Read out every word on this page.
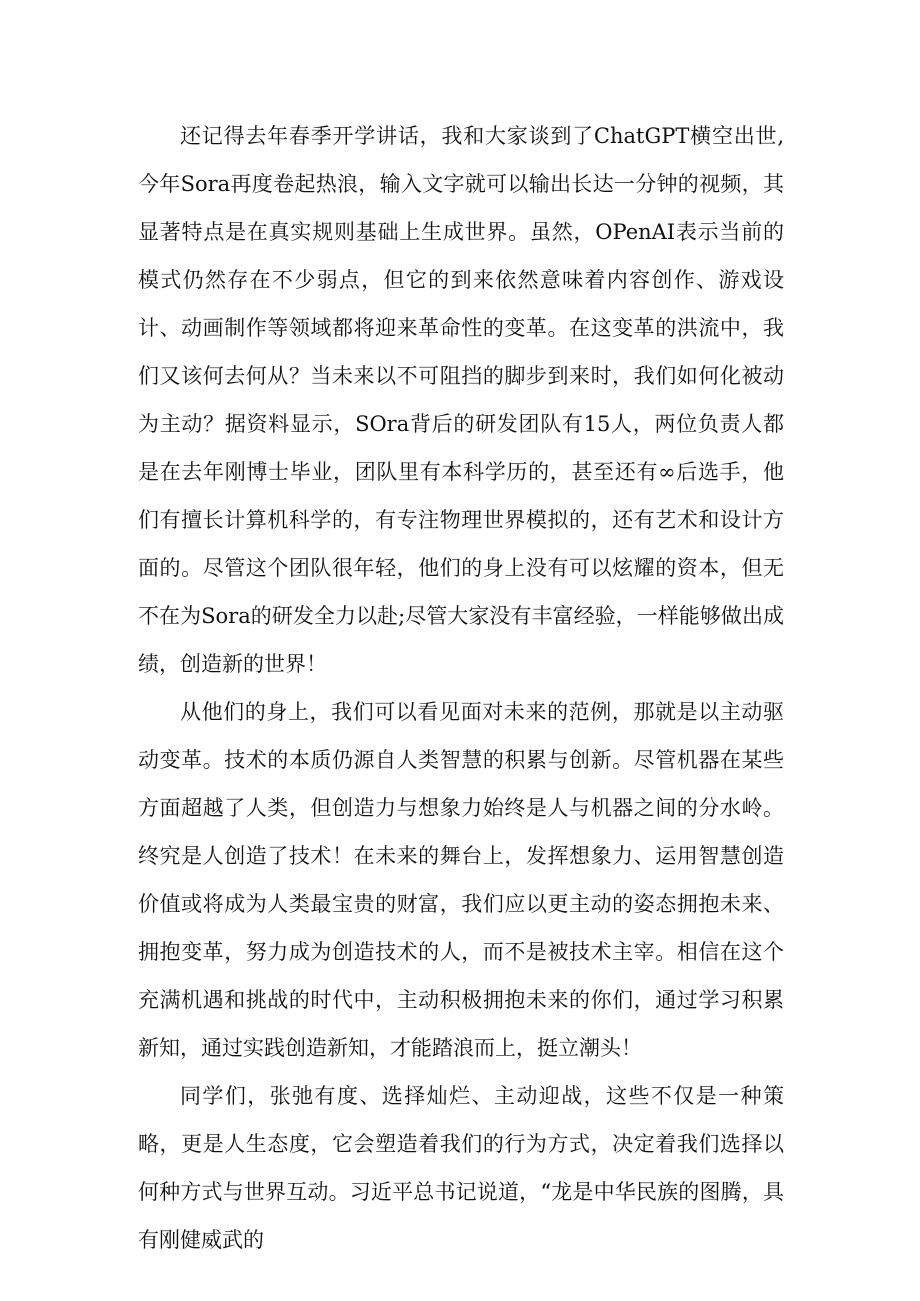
还记得去年春季开学讲话，我和大家谈到了ChatGPT横空出世,今年Sora再度卷起热浪，输入文字就可以输出长达一分钟的视频，其显著特点是在真实规则基础上生成世界。虽然，OPenAI表示当前的模式仍然存在不少弱点，但它的到来依然意味着内容创作、游戏设计、动画制作等领域都将迎来革命性的变革。在这变革的洪流中，我们又该何去何从？当未来以不可阻挡的脚步到来时，我们如何化被动为主动？据资料显示，SOra背后的研发团队有15人，两位负责人都是在去年刚博士毕业，团队里有本科学历的，甚至还有∞后选手，他们有擅长计算机科学的，有专注物理世界模拟的，还有艺术和设计方面的。尽管这个团队很年轻，他们的身上没有可以炫耀的资本，但无不在为Sora的研发全力以赴;尽管大家没有丰富经验，一样能够做出成绩，创造新的世界！

从他们的身上，我们可以看见面对未来的范例，那就是以主动驱动变革。技术的本质仍源自人类智慧的积累与创新。尽管机器在某些方面超越了人类，但创造力与想象力始终是人与机器之间的分水岭。终究是人创造了技术！在未来的舞台上，发挥想象力、运用智慧创造价值或将成为人类最宝贵的财富，我们应以更主动的姿态拥抱未来、拥抱变革，努力成为创造技术的人，而不是被技术主宰。相信在这个充满机遇和挑战的时代中，主动积极拥抱未来的你们，通过学习积累新知，通过实践创造新知，才能踏浪而上，挺立潮头！

同学们，张弛有度、选择灿烂、主动迎战，这些不仅是一种策略，更是人生态度，它会塑造着我们的行为方式，决定着我们选择以何种方式与世界互动。习近平总书记说道，“龙是中华民族的图腾，具有刚健威武的
